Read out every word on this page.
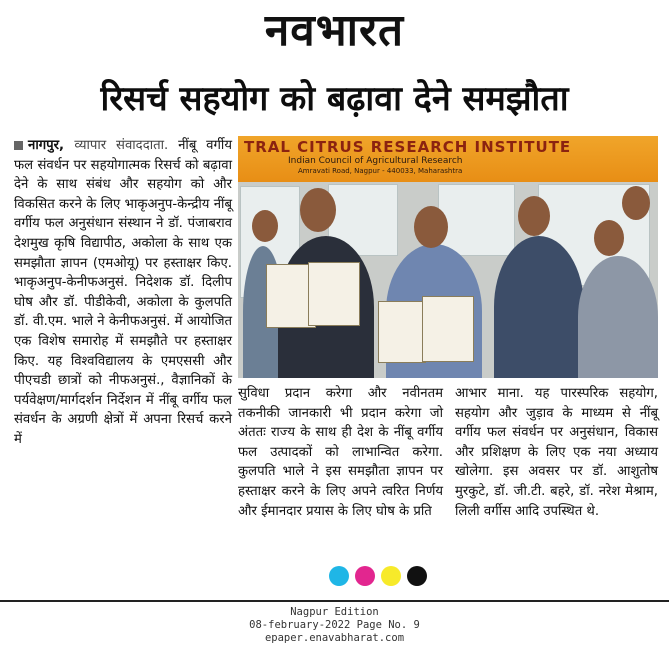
नवभारत
रिसर्च सहयोग को बढ़ावा देने समझौता
नागपुर, व्यापार संवाददाता. नींबू वर्गीय फल संवर्धन पर सहयोगात्मक रिसर्च को बढ़ावा देने के साथ संबंध और सहयोग को और विकसित करने के लिए भाकृअनुप-केन्द्रीय नींबू वर्गीय फल अनुसंधान संस्थान ने डॉ. पंजाबराव देशमुख कृषि विद्यापीठ, अकोला के साथ एक समझौता ज्ञापन (एमओयू) पर हस्ताक्षर किए. भाकृअनुप-केनीफअनुसं. निदेशक डॉ. दिलीप घोष और डॉ. पीडीकेवी, अकोला के कुलपति डॉ. वी.एम. भाले ने केनीफअनुसं. में आयोजित एक विशेष समारोह में समझौते पर हस्ताक्षर किए. यह विश्वविद्यालय के एमएससी और पीएचडी छात्रों को नीफअनुसं., वैज्ञानिकों के पर्यवेक्षण/मार्गदर्शन निर्देशन में नींबू वर्गीय फल संवर्धन के अग्रणी क्षेत्रों में अपना रिसर्च करने में
TRAL CITRUS RESEARCH INSTITUTE
Indian Council of Agricultural Research
Amravati Road, Nagpur - 440033, Maharashtra
सुविधा प्रदान करेगा और नवीनतम तकनीकी जानकारी भी प्रदान करेगा जो अंततः राज्य के साथ ही देश के नींबू वर्गीय फल उत्पादकों को लाभान्वित करेगा. कुलपति भाले ने इस समझौता ज्ञापन पर हस्ताक्षर करने के लिए अपने त्वरित निर्णय और ईमानदार प्रयास के लिए घोष के प्रति
आभार माना. यह पारस्परिक सहयोग, सहयोग और जुड़ाव के माध्यम से नींबू वर्गीय फल संवर्धन पर अनुसंधान, विकास और प्रशिक्षण के लिए एक नया अध्याय खोलेगा. इस अवसर पर डॉ. आशुतोष मुरकुटे, डॉ. जी.टी. बहरे, डॉ. नरेश मेश्राम, लिली वर्गीस आदि उपस्थित थे.
Nagpur Edition
08-february-2022 Page No. 9
epaper.enavabharat.com
